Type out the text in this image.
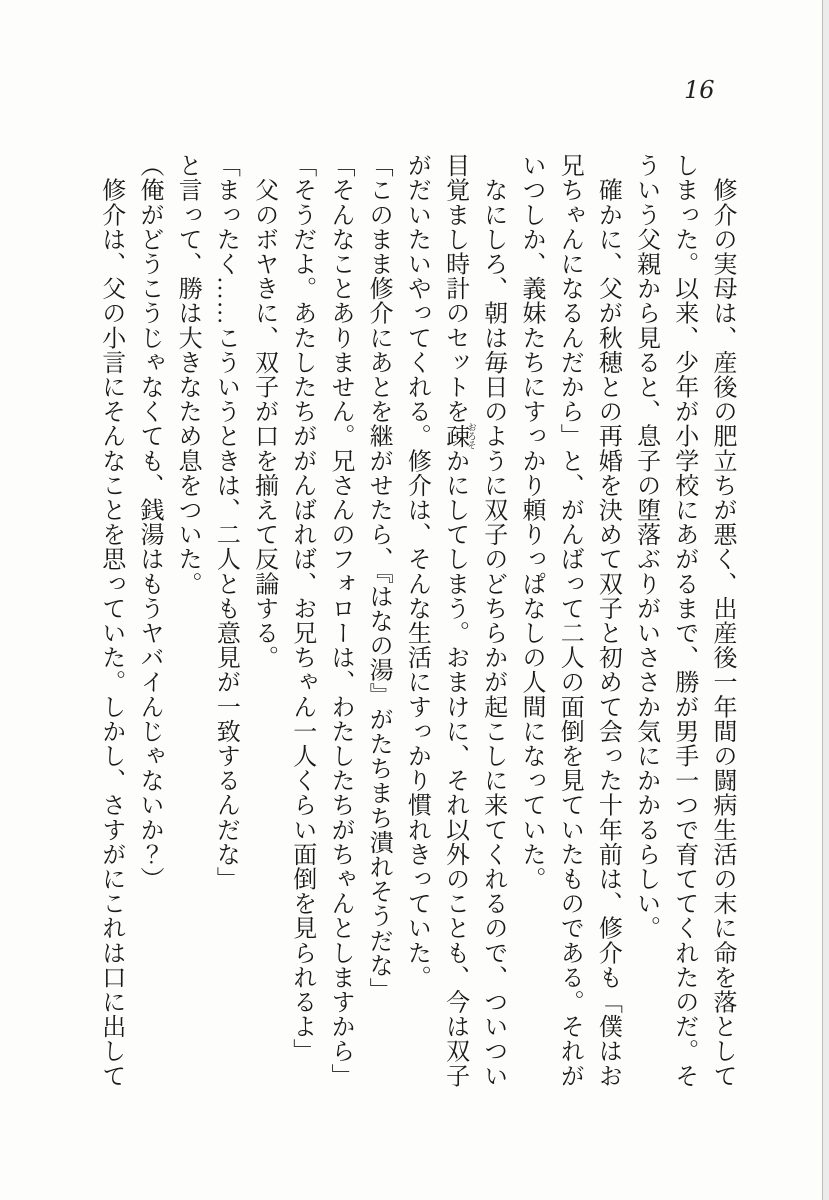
16

　修介の実母は、産後の肥立ちが悪く、出産後一年間の闘病生活の末に命を落としてしまった。以来、少年が小学校にあがるまで、勝が男手一つで育ててくれたのだ。そういう父親から見ると、息子の堕落ぶりがいささか気にかかるらしい。

　確かに、父が秋穂との再婚を決めて双子と初めて会った十年前は、修介も「僕はお兄ちゃんになるんだから」と、がんばって二人の面倒を見ていたものである。それがいつしか、義妹たちにすっかり頼りっぱなしの人間になっていた。

　なにしろ、朝は毎日のように双子のどちらかが起こしに来てくれるので、ついつい目覚まし時計のセットを疎 おろそかにしてしまう。おまけに、それ以外のことも、今は双子がだいたいやってくれる。修介は、そんな生活にすっかり慣れきっていた。

「このまま修介にあとを継がせたら、『はなの湯』がたちまち潰れそうだな」

「そんなことありません。兄さんのフォローは、わたしたちがちゃんとしますから」

「そうだよ。あたしたちががんばれば、お兄ちゃん一人くらい面倒を見られるよ」

　父のボヤきに、双子が口を揃えて反論する。

「まったく……こういうときは、二人とも意見が一致するんだな」

と言って、勝は大きなため息をついた。

（俺がどうこうじゃなくても、銭湯はもうヤバイんじゃないか？）

　修介は、父の小言にそんなことを思っていた。しかし、さすがにこれは口に出して
